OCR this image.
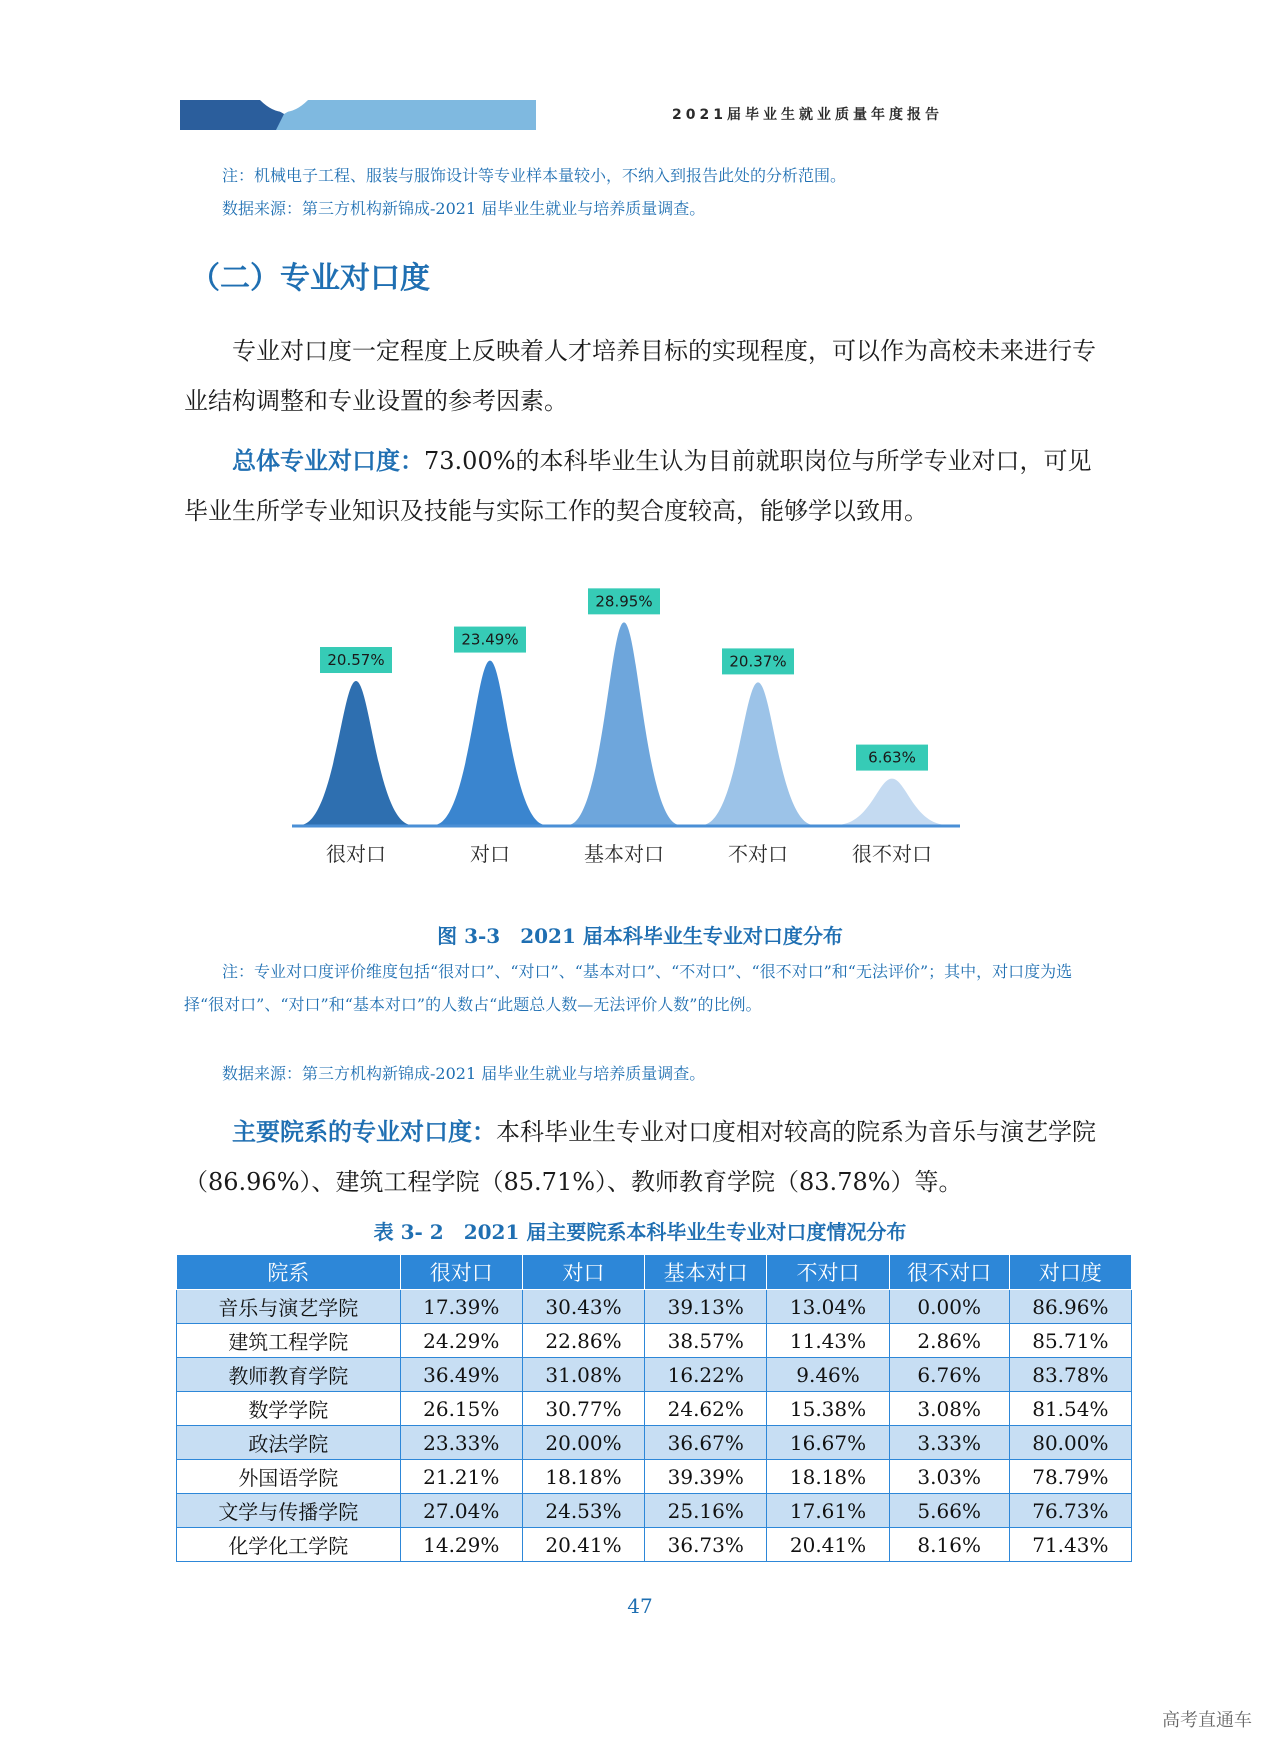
2021届毕业生就业质量年度报告
注：机械电子工程、服装与服饰设计等专业样本量较小，不纳入到报告此处的分析范围。
数据来源：第三方机构新锦成-2021 届毕业生就业与培养质量调查。
（二）专业对口度
专业对口度一定程度上反映着人才培养目标的实现程度，可以作为高校未来进行专业结构调整和专业设置的参考因素。
总体专业对口度：73.00%的本科毕业生认为目前就职岗位与所学专业对口，可见毕业生所学专业知识及技能与实际工作的契合度较高，能够学以致用。
20.57%
很对口
23.49%
对口
28.95%
基本对口
20.37%
不对口
6.63%
很不对口
图 3-3　2021 届本科毕业生专业对口度分布
注：专业对口度评价维度包括“很对口”、“对口”、“基本对口”、“不对口”、“很不对口”和“无法评价”；其中，对口度为选择“很对口”、“对口”和“基本对口”的人数占“此题总人数—无法评价人数”的比例。
数据来源：第三方机构新锦成-2021 届毕业生就业与培养质量调查。
主要院系的专业对口度：本科毕业生专业对口度相对较高的院系为音乐与演艺学院（86.96%）、建筑工程学院（85.71%）、教师教育学院（83.78%）等。
表 3- 2　2021 届主要院系本科毕业生专业对口度情况分布
院系	很对口	对口	基本对口	不对口	很不对口	对口度
音乐与演艺学院	17.39%	30.43%	39.13%	13.04%	0.00%	86.96%
建筑工程学院	24.29%	22.86%	38.57%	11.43%	2.86%	85.71%
教师教育学院	36.49%	31.08%	16.22%	9.46%	6.76%	83.78%
数学学院	26.15%	30.77%	24.62%	15.38%	3.08%	81.54%
政法学院	23.33%	20.00%	36.67%	16.67%	3.33%	80.00%
外国语学院	21.21%	18.18%	39.39%	18.18%	3.03%	78.79%
文学与传播学院	27.04%	24.53%	25.16%	17.61%	5.66%	76.73%
化学化工学院	14.29%	20.41%	36.73%	20.41%	8.16%	71.43%
47
高考直通车
